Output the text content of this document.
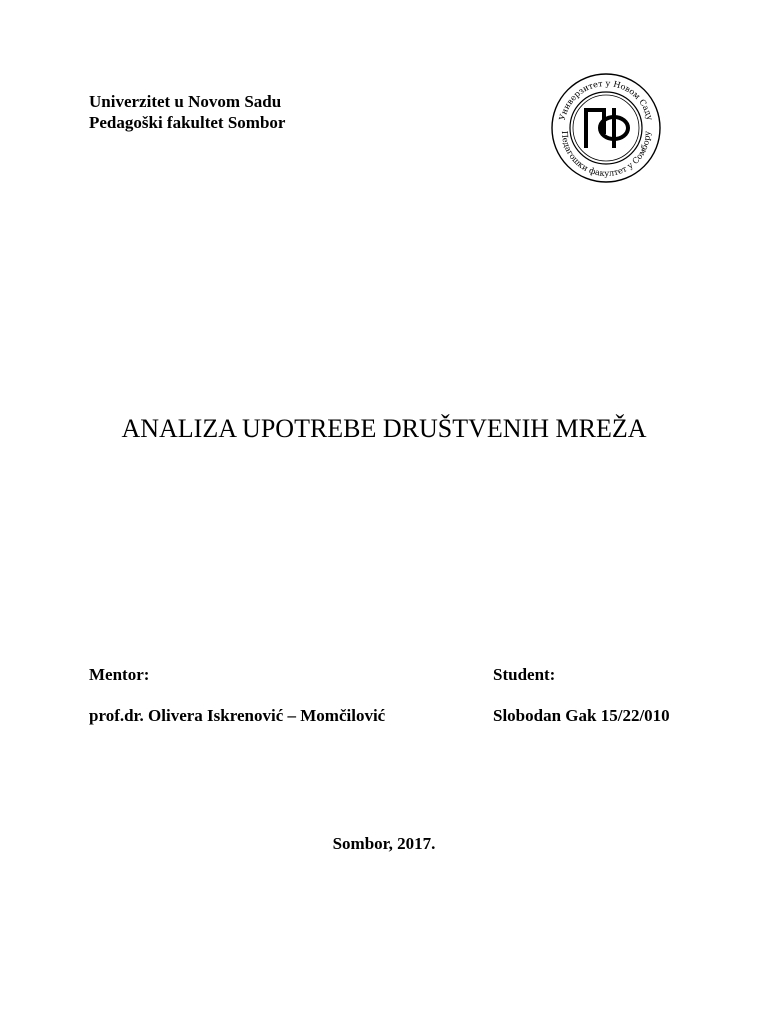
Univerzitet u Novom Sadu
Pedagoški fakultet Sombor	Универзитет у Новом Саду
Педагошки факултет у Сомбору
ANALIZA UPOTREBE DRUŠTVENIH MREŽA
Mentor:
prof.dr. Olivera Iskrenović – Momčilović
Student:
Slobodan Gak 15/22/010
Sombor, 2017.
